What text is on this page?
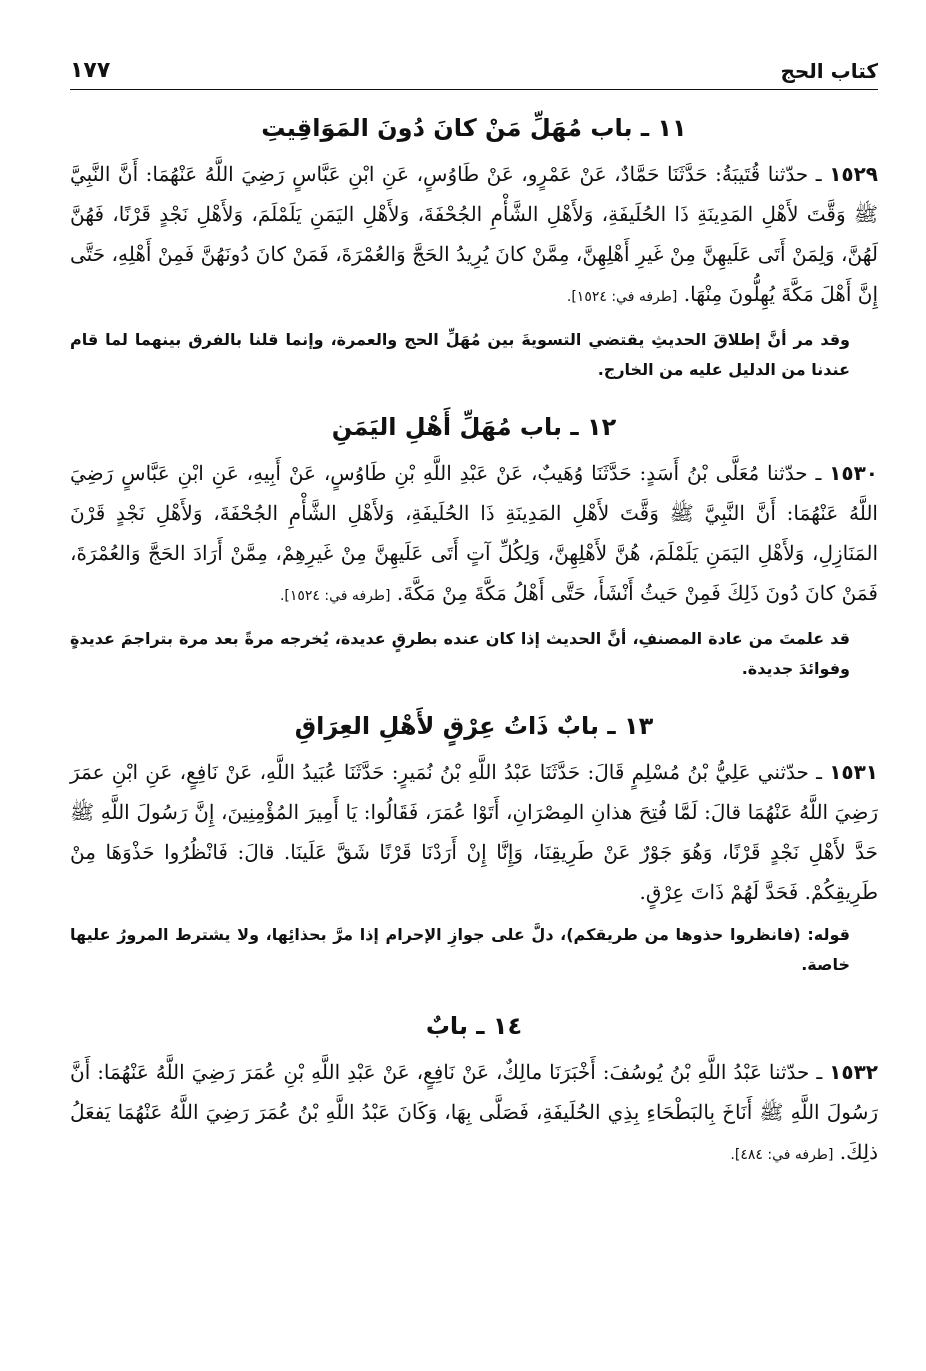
كتاب الحج
١٧٧
١١ ـ باب مُهَلِّ مَنْ كانَ دُونَ المَوَاقِيتِ

١٥٢٩ ـ حدّثنا قُتَيبَةُ: حَدَّثَنَا حَمَّادٌ، عَنْ عَمْرٍو، عَنْ طَاوُسٍ، عَنِ ابْنِ عَبَّاسٍ رَضِيَ اللَّهُ عَنْهُمَا: أَنَّ النَّبِيَّ ﷺ وَقَّتَ لأَهْلِ المَدِينَةِ ذَا الحُلَيفَةِ، وَلأَهْلِ الشَّأْمِ الجُحْفَةَ، وَلأَهْلِ اليَمَنِ يَلَمْلَمَ، وَلأَهْلِ نَجْدٍ قَرْنًا، فَهُنَّ لَهُنَّ، وَلِمَنْ أَتَى عَلَيهِنَّ مِنْ غَيرِ أَهْلِهِنَّ، مِمَّنْ كانَ يُرِيدُ الحَجَّ وَالعُمْرَةَ، فَمَنْ كانَ دُونَهُنَّ فَمِنْ أَهْلِهِ، حَتَّى إِنَّ أَهْلَ مَكَّةَ يُهِلُّونَ مِنْهَا. [طرفه في: ١٥٢٤].

وقد مر أنَّ إطلاقَ الحديثِ يقتضي التسويةَ بين مُهَلِّ الحج والعمرة، وإنما قلنا بالفرق بينهما لما قام عندنا من الدليل عليه من الخارج.

١٢ ـ باب مُهَلِّ أَهْلِ اليَمَنِ

١٥٣٠ ـ حدّثنا مُعَلَّى بْنُ أَسَدٍ: حَدَّثَنَا وُهَيبٌ، عَنْ عَبْدِ اللَّهِ بْنِ طَاوُسٍ، عَنْ أَبِيهِ، عَنِ ابْنِ عَبَّاسٍ رَضِيَ اللَّهُ عَنْهُمَا: أَنَّ النَّبِيَّ ﷺ وَقَّتَ لأَهْلِ المَدِينَةِ ذَا الحُلَيفَةِ، وَلأَهْلِ الشَّأْمِ الجُحْفَةَ، وَلأَهْلِ نَجْدٍ قَرْنَ المَنَازِلِ، وَلأَهْلِ اليَمَنِ يَلَمْلَمَ، هُنَّ لأَهْلِهِنَّ، وَلِكُلِّ آتٍ أَتَى عَلَيهِنَّ مِنْ غَيرِهِمْ، مِمَّنْ أَرَادَ الحَجَّ وَالعُمْرَةَ، فَمَنْ كانَ دُونَ ذَلِكَ فَمِنْ حَيثُ أَنْشَأَ، حَتَّى أَهْلُ مَكَّةَ مِنْ مَكَّةَ. [طرفه في: ١٥٢٤].

قد علمتَ من عادة المصنفِ، أنَّ الحديث إذا كان عنده بطرقٍ عديدة، يُخرجه مرةً بعد مرة بتراجمَ عديدةٍ وفوائدَ جديدة.

١٣ ـ بابٌ ذَاتُ عِرْقٍ لأَهْلِ العِرَاقِ

١٥٣١ ـ حدّثني عَلِيُّ بْنُ مُسْلِمٍ قَالَ: حَدَّثَنَا عَبْدُ اللَّهِ بْنُ نُمَيرٍ: حَدَّثَنَا عُبَيدُ اللَّهِ، عَنْ نَافِعٍ، عَنِ ابْنِ عمَرَ رَضِيَ اللَّهُ عَنْهُمَا قالَ: لَمَّا فُتِحَ هذانِ المِصْرَانِ، أَتَوْا عُمَرَ، فَقَالُوا: يَا أَمِيرَ المُؤْمِنِينَ، إِنَّ رَسُولَ اللَّهِ ﷺ حَدَّ لأَهْلِ نَجْدٍ قَرْنًا، وَهُوَ جَوْرٌ عَنْ طَرِيقِنَا، وَإِنَّا إِنْ أَرَدْنَا قَرْنًا شَقَّ عَلَينَا. قالَ: فَانْظُرُوا حَذْوَهَا مِنْ طَرِيقِكُمْ. فَحَدَّ لَهُمْ ذَاتَ عِرْقٍ.

قوله: (فانظروا حذوها من طريقكم)، دلَّ على جوازِ الإحرام إذا مرَّ بحذائِها، ولا يشترط المرورُ عليها خاصة.

١٤ ـ بابٌ

١٥٣٢ ـ حدّثنا عَبْدُ اللَّهِ بْنُ يُوسُفَ: أَخْبَرَنَا مالِكٌ، عَنْ نَافِعٍ، عَنْ عَبْدِ اللَّهِ بْنِ عُمَرَ رَضِيَ اللَّهُ عَنْهُمَا: أَنَّ رَسُولَ اللَّهِ ﷺ أَنَاخَ بِالبَطْحَاءِ بِذِي الحُلَيفَةِ، فَصَلَّى بِهَا، وَكَانَ عَبْدُ اللَّهِ بْنُ عُمَرَ رَضِيَ اللَّهُ عَنْهُمَا يَفعَلُ ذلِكَ. [طرفه في: ٤٨٤].
